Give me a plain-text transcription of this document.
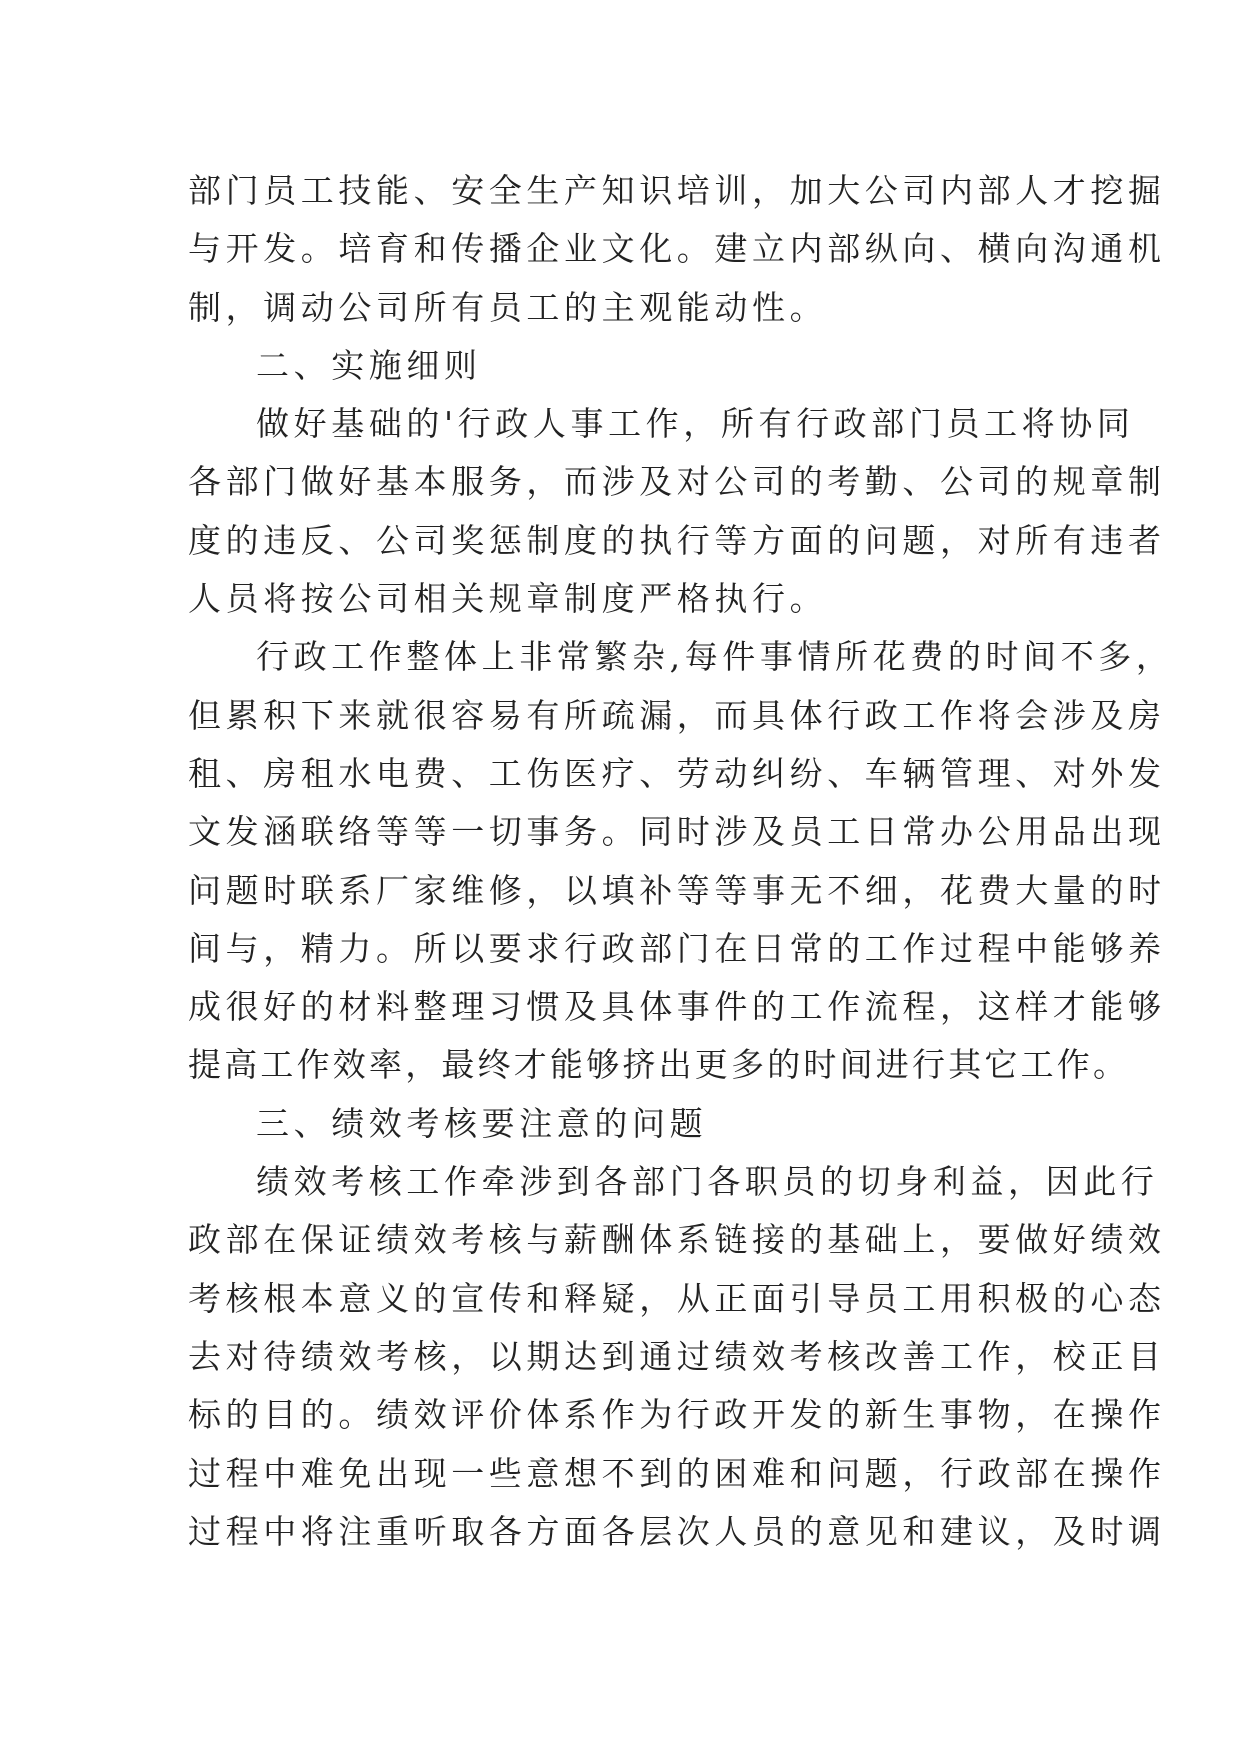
部门员工技能、安全生产知识培训，加大公司内部人才挖掘
与开发。培育和传播企业文化。建立内部纵向、横向沟通机
制，调动公司所有员工的主观能动性。
二、实施细则
做好基础的'行政人事工作，所有行政部门员工将协同
各部门做好基本服务，而涉及对公司的考勤、公司的规章制
度的违反、公司奖惩制度的执行等方面的问题，对所有违者
人员将按公司相关规章制度严格执行。
行政工作整体上非常繁杂,每件事情所花费的时间不多，
但累积下来就很容易有所疏漏，而具体行政工作将会涉及房
租、房租水电费、工伤医疗、劳动纠纷、车辆管理、对外发
文发涵联络等等一切事务。同时涉及员工日常办公用品出现
问题时联系厂家维修，以填补等等事无不细，花费大量的时
间与，精力。所以要求行政部门在日常的工作过程中能够养
成很好的材料整理习惯及具体事件的工作流程，这样才能够
提高工作效率，最终才能够挤出更多的时间进行其它工作。
三、绩效考核要注意的问题
绩效考核工作牵涉到各部门各职员的切身利益，因此行
政部在保证绩效考核与薪酬体系链接的基础上，要做好绩效
考核根本意义的宣传和释疑，从正面引导员工用积极的心态
去对待绩效考核，以期达到通过绩效考核改善工作，校正目
标的目的。绩效评价体系作为行政开发的新生事物，在操作
过程中难免出现一些意想不到的困难和问题，行政部在操作
过程中将注重听取各方面各层次人员的意见和建议，及时调
